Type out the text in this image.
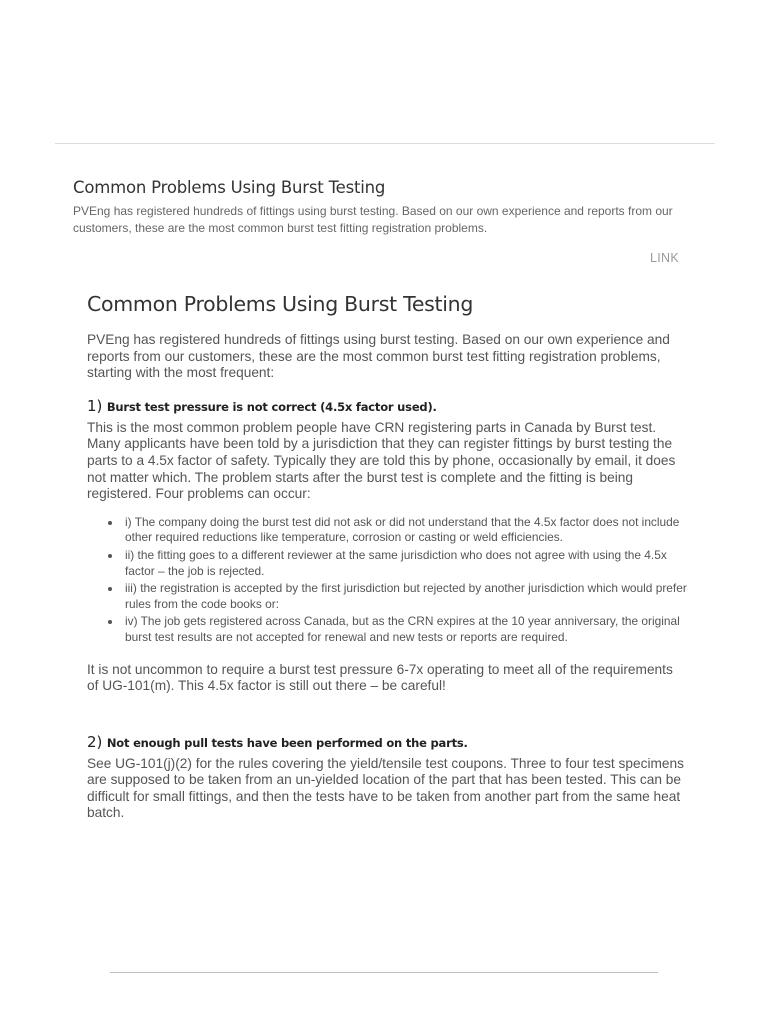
Common Problems Using Burst Testing

PVEng has registered hundreds of fittings using burst testing. Based on our own experience and reports from our customers, these are the most common burst test fitting registration problems.

LINK
Common Problems Using Burst Testing

PVEng has registered hundreds of fittings using burst testing. Based on our own experience and reports from our customers, these are the most common burst test fitting registration problems, starting with the most frequent:

1) Burst test pressure is not correct (4.5x factor used).

This is the most common problem people have CRN registering parts in Canada by Burst test. Many applicants have been told by a jurisdiction that they can register fittings by burst testing the parts to a 4.5x factor of safety. Typically they are told this by phone, occasionally by email, it does not matter which. The problem starts after the burst test is complete and the fitting is being registered. Four problems can occur:

i) The company doing the burst test did not ask or did not understand that the 4.5x factor does not include other required reductions like temperature, corrosion or casting or weld efficiencies.
ii) the fitting goes to a different reviewer at the same jurisdiction who does not agree with using the 4.5x factor – the job is rejected.
iii) the registration is accepted by the first jurisdiction but rejected by another jurisdiction which would prefer rules from the code books or:
iv) The job gets registered across Canada, but as the CRN expires at the 10 year anniversary, the original burst test results are not accepted for renewal and new tests or reports are required.

It is not uncommon to require a burst test pressure 6-7x operating to meet all of the requirements of UG-101(m). This 4.5x factor is still out there – be careful!

2) Not enough pull tests have been performed on the parts.

See UG-101(j)(2) for the rules covering the yield/tensile test coupons. Three to four test specimens are supposed to be taken from an un-yielded location of the part that has been tested. This can be difficult for small fittings, and then the tests have to be taken from another part from the same heat batch.
